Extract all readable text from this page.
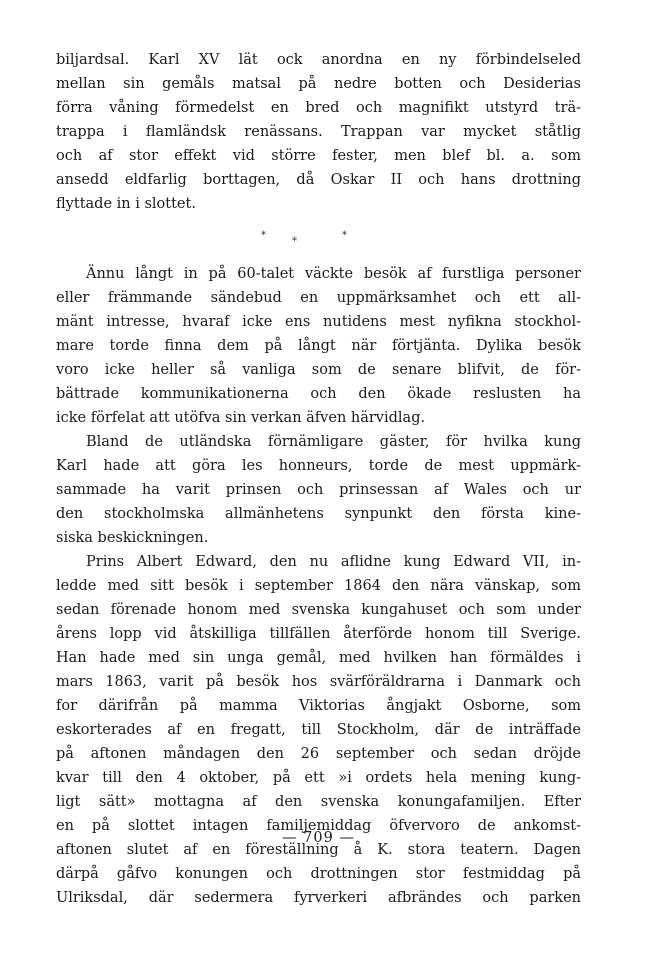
biljardsal. Karl XV lät ock anordna en ny förbindelseled
mellan sin gemåls matsal på nedre botten och Desiderias
förra våning förmedelst en bred och magnifikt utstyrd trä-
trappa i flamländsk renässans. Trappan var mycket ståtlig
och af stor effekt vid större fester, men blef bl. a. som
ansedd eldfarlig borttagen, då Oskar II och hans drottning
flyttade in i slottet.
*
*
*
Ännu långt in på 60-talet väckte besök af furstliga personer
eller främmande sändebud en uppmärksamhet och ett all-
mänt intresse, hvaraf icke ens nutidens mest nyfikna stockhol-
mare torde finna dem på långt när förtjänta. Dylika besök
voro icke heller så vanliga som de senare blifvit, de för-
bättrade kommunikationerna och den ökade reslusten ha
icke förfelat att utöfva sin verkan äfven härvidlag.
Bland de utländska förnämligare gäster, för hvilka kung
Karl hade att göra les honneurs, torde de mest uppmärk-
sammade ha varit prinsen och prinsessan af Wales och ur
den stockholmska allmänhetens synpunkt den första kine-
siska beskickningen.
Prins Albert Edward, den nu aflidne kung Edward VII, in-
ledde med sitt besök i september 1864 den nära vänskap, som
sedan förenade honom med svenska kungahuset och som under
årens lopp vid åtskilliga tillfällen återförde honom till Sverige.
Han hade med sin unga gemål, med hvilken han förmäldes i
mars 1863, varit på besök hos svärföräldrarna i Danmark och
for därifrån på mamma Viktorias ångjakt Osborne, som
eskorterades af en fregatt, till Stockholm, där de inträffade
på aftonen måndagen den 26 september och sedan dröjde
kvar till den 4 oktober, på ett »i ordets hela mening kung-
ligt sätt» mottagna af den svenska konungafamiljen. Efter
en på slottet intagen familjemiddag öfvervoro de ankomst-
aftonen slutet af en föreställning å K. stora teatern. Dagen
därpå gåfvo konungen och drottningen stor festmiddag på
Ulriksdal, där sedermera fyrverkeri afbrändes och parken
— 709 —
